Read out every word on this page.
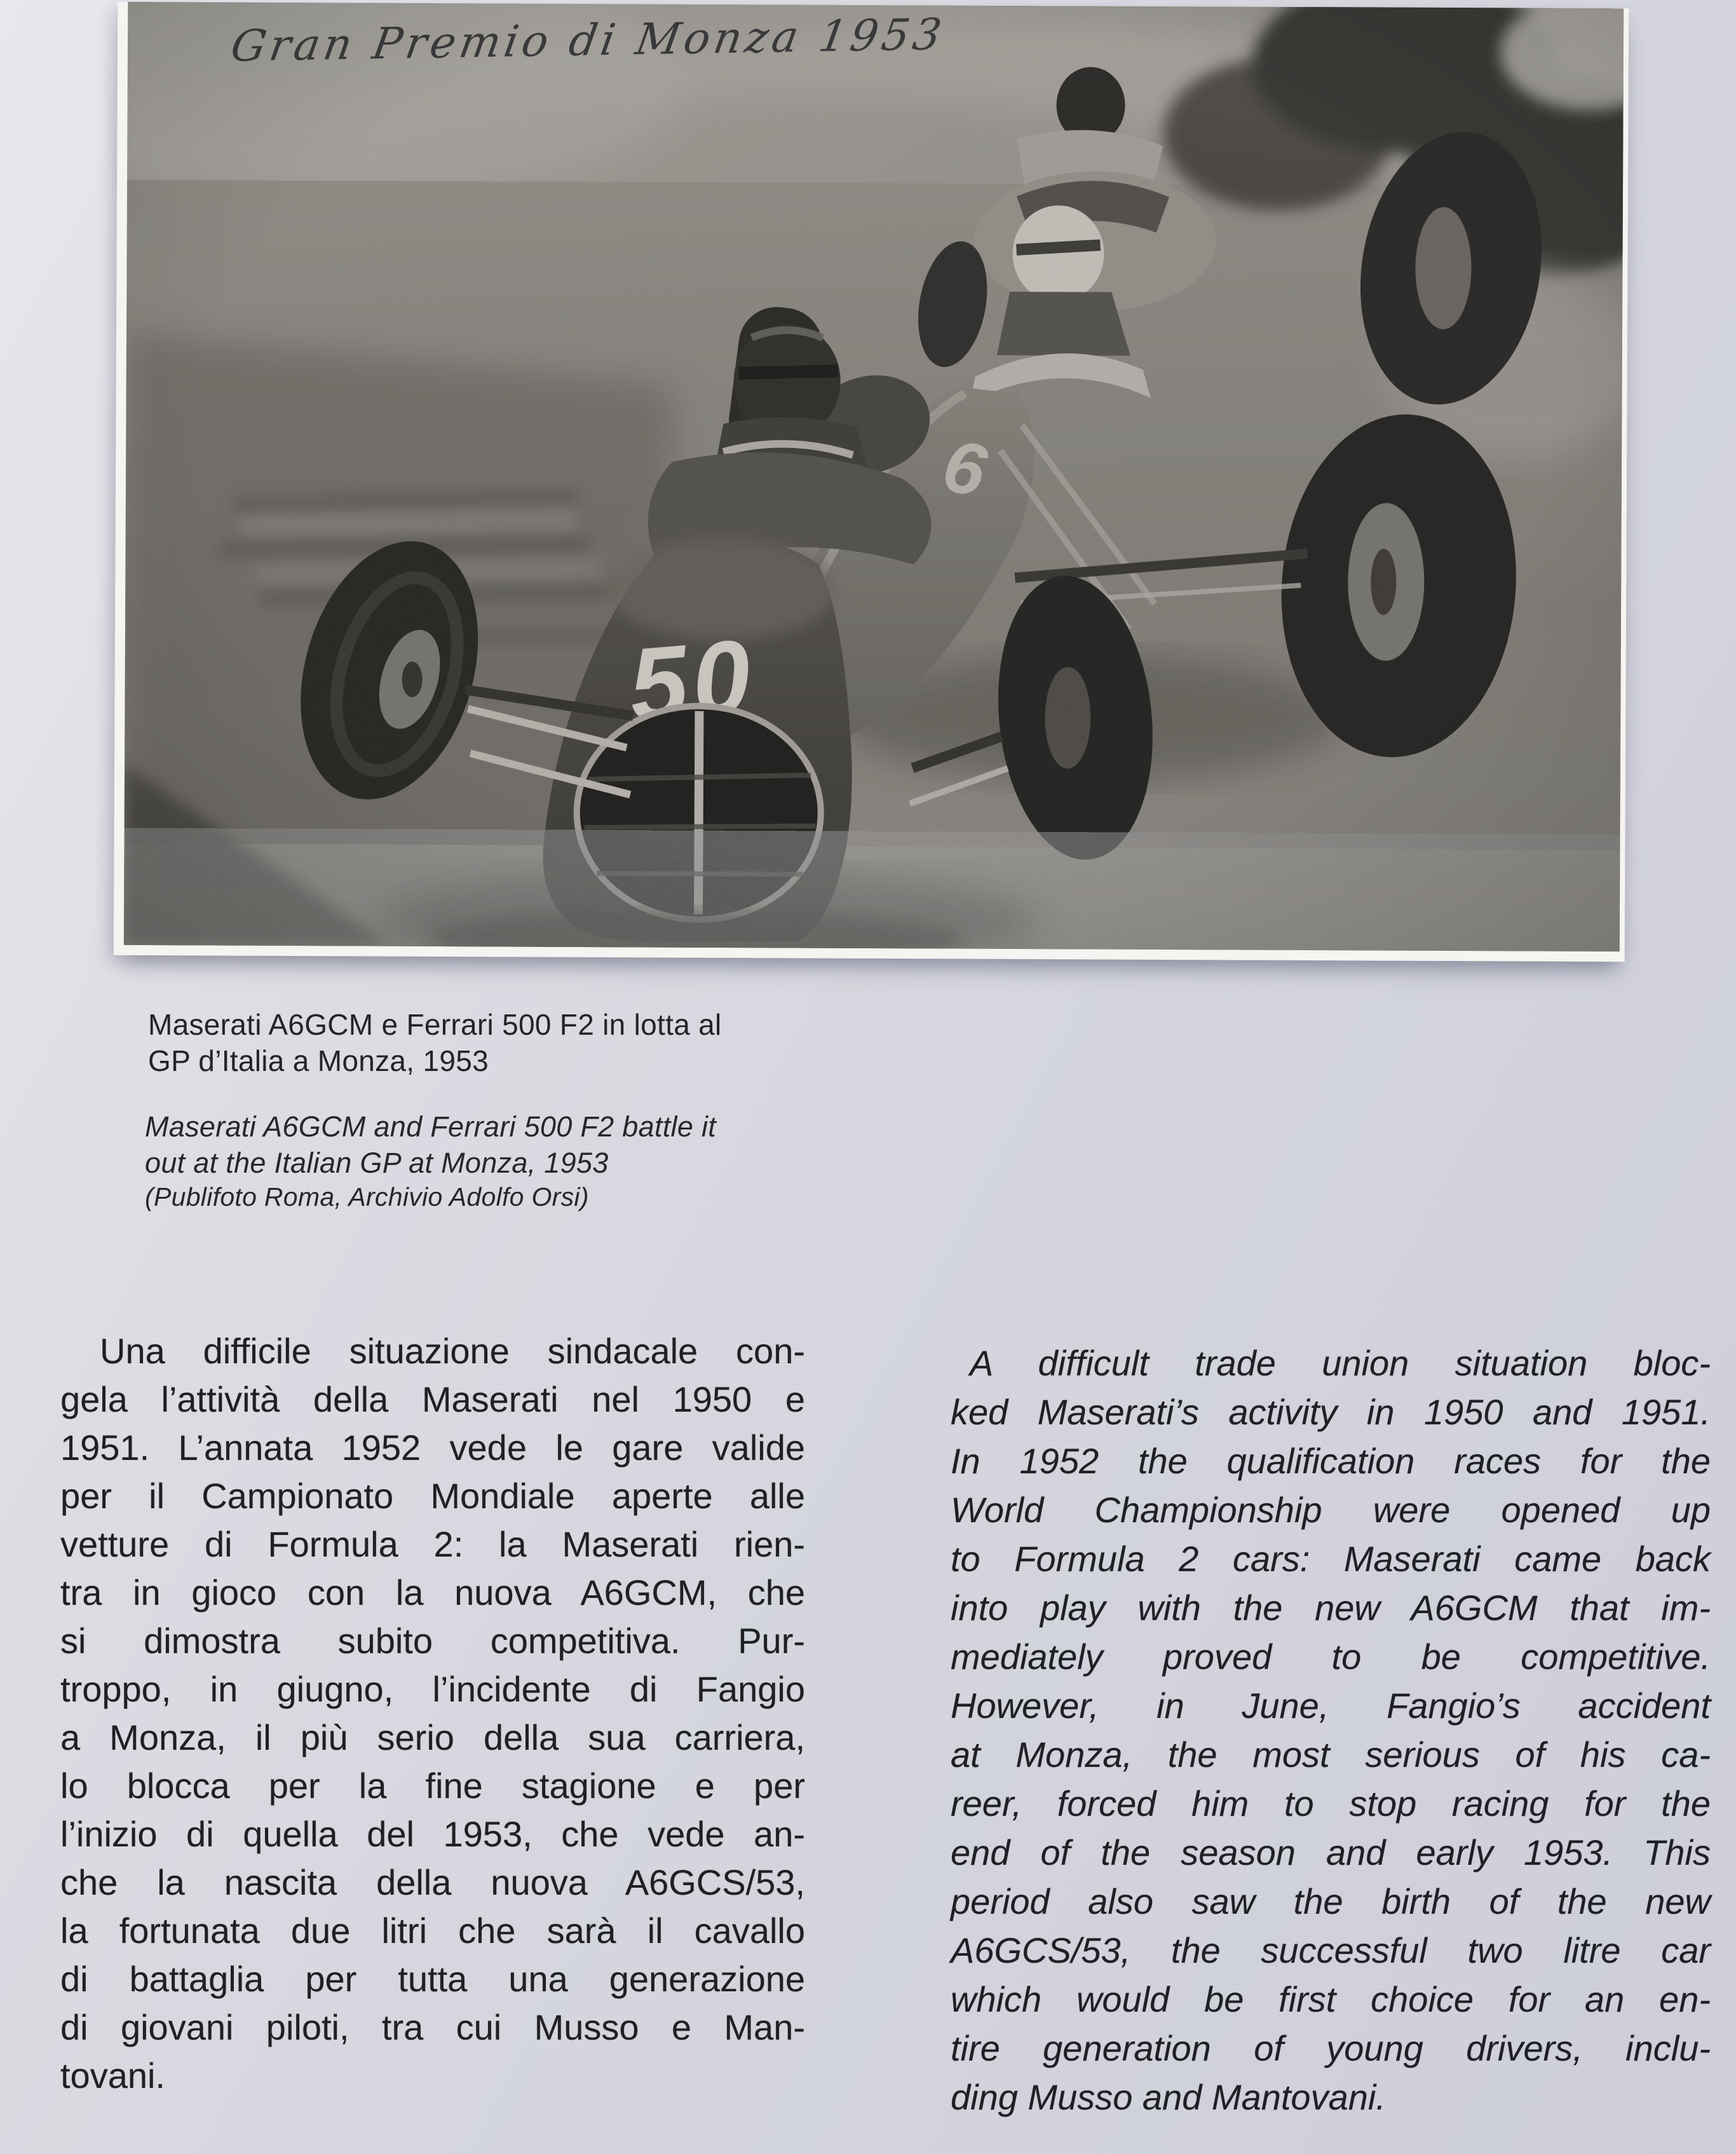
Maserati A6GCM e Ferrari 500 F2 in lotta al
GP d’Italia a Monza, 1953
Maserati A6GCM and Ferrari 500 F2 battle it
out at the Italian GP at Monza, 1953
(Publifoto Roma, Archivio Adolfo Orsi)
Una difficile situazione sindacale con-
gela l’attività della Maserati nel 1950 e
1951. L’annata 1952 vede le gare valide
per il Campionato Mondiale aperte alle
vetture di Formula 2: la Maserati rien-
tra in gioco con la nuova A6GCM, che
si dimostra subito competitiva. Pur-
troppo, in giugno, l’incidente di Fangio
a Monza, il più serio della sua carriera,
lo blocca per la fine stagione e per
l’inizio di quella del 1953, che vede an-
che la nascita della nuova A6GCS/53,
la fortunata due litri che sarà il cavallo
di battaglia per tutta una generazione
di giovani piloti, tra cui Musso e Man-
tovani.
A difficult trade union situation bloc-
ked Maserati’s activity in 1950 and 1951.
In 1952 the qualification races for the
World Championship were opened up
to Formula 2 cars: Maserati came back
into play with the new A6GCM that im-
mediately proved to be competitive.
However, in June, Fangio’s accident
at Monza, the most serious of his ca-
reer, forced him to stop racing for the
end of the season and early 1953. This
period also saw the birth of the new
A6GCS/53, the successful two litre car
which would be first choice for an en-
tire generation of young drivers, inclu-
ding Musso and Mantovani.
